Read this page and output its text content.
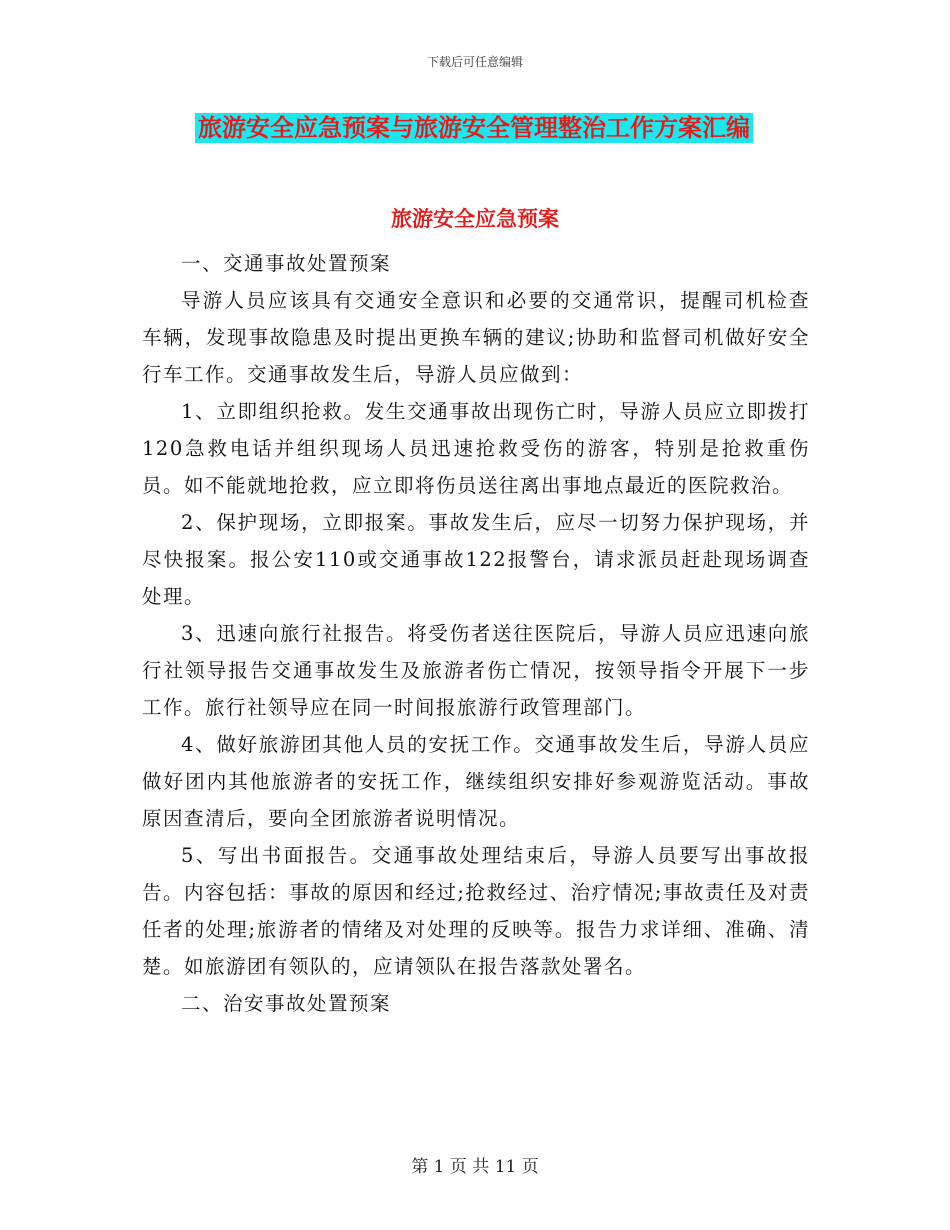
下载后可任意编辑
旅游安全应急预案与旅游安全管理整治工作方案汇编
旅游安全应急预案

一、交通事故处置预案

导游人员应该具有交通安全意识和必要的交通常识，提醒司机检查车辆，发现事故隐患及时提出更换车辆的建议;协助和监督司机做好安全行车工作。交通事故发生后，导游人员应做到：

1、立即组织抢救。发生交通事故出现伤亡时，导游人员应立即拨打120急救电话并组织现场人员迅速抢救受伤的游客，特别是抢救重伤员。如不能就地抢救，应立即将伤员送往离出事地点最近的医院救治。

2、保护现场，立即报案。事故发生后，应尽一切努力保护现场，并尽快报案。报公安110或交通事故122报警台，请求派员赶赴现场调查处理。

3、迅速向旅行社报告。将受伤者送往医院后，导游人员应迅速向旅行社领导报告交通事故发生及旅游者伤亡情况，按领导指令开展下一步工作。旅行社领导应在同一时间报旅游行政管理部门。

4、做好旅游团其他人员的安抚工作。交通事故发生后，导游人员应做好团内其他旅游者的安抚工作，继续组织安排好参观游览活动。事故原因查清后，要向全团旅游者说明情况。

5、写出书面报告。交通事故处理结束后，导游人员要写出事故报告。内容包括：事故的原因和经过;抢救经过、治疗情况;事故责任及对责任者的处理;旅游者的情绪及对处理的反映等。报告力求详细、准确、清楚。如旅游团有领队的，应请领队在报告落款处署名。

二、治安事故处置预案

第 1 页 共 11 页
